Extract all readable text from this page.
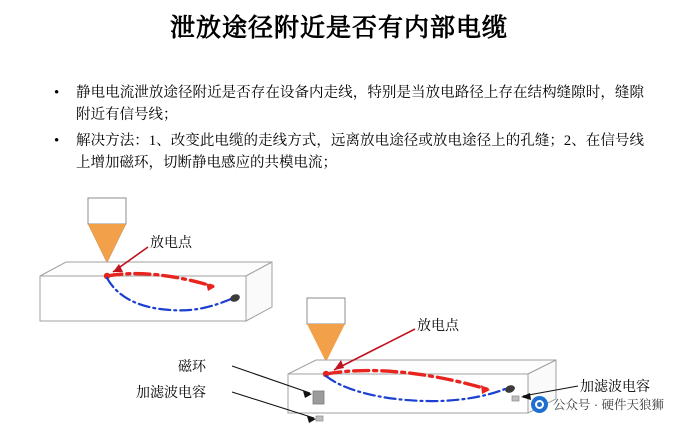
泄放途径附近是否有内部电缆
•	静电电流泄放途径附近是否存在设备内走线，特别是当放电路径上存在结构缝隙时，缝隙附近有信号线；
•	解决方法：1、改变此电缆的走线方式，远离放电途径或放电途径上的孔缝；2、在信号线上增加磁环，切断静电感应的共模电流；
放电点
放电点
磁环
加滤波电容	加滤波电容
公众号 · 硬件天狼狮
